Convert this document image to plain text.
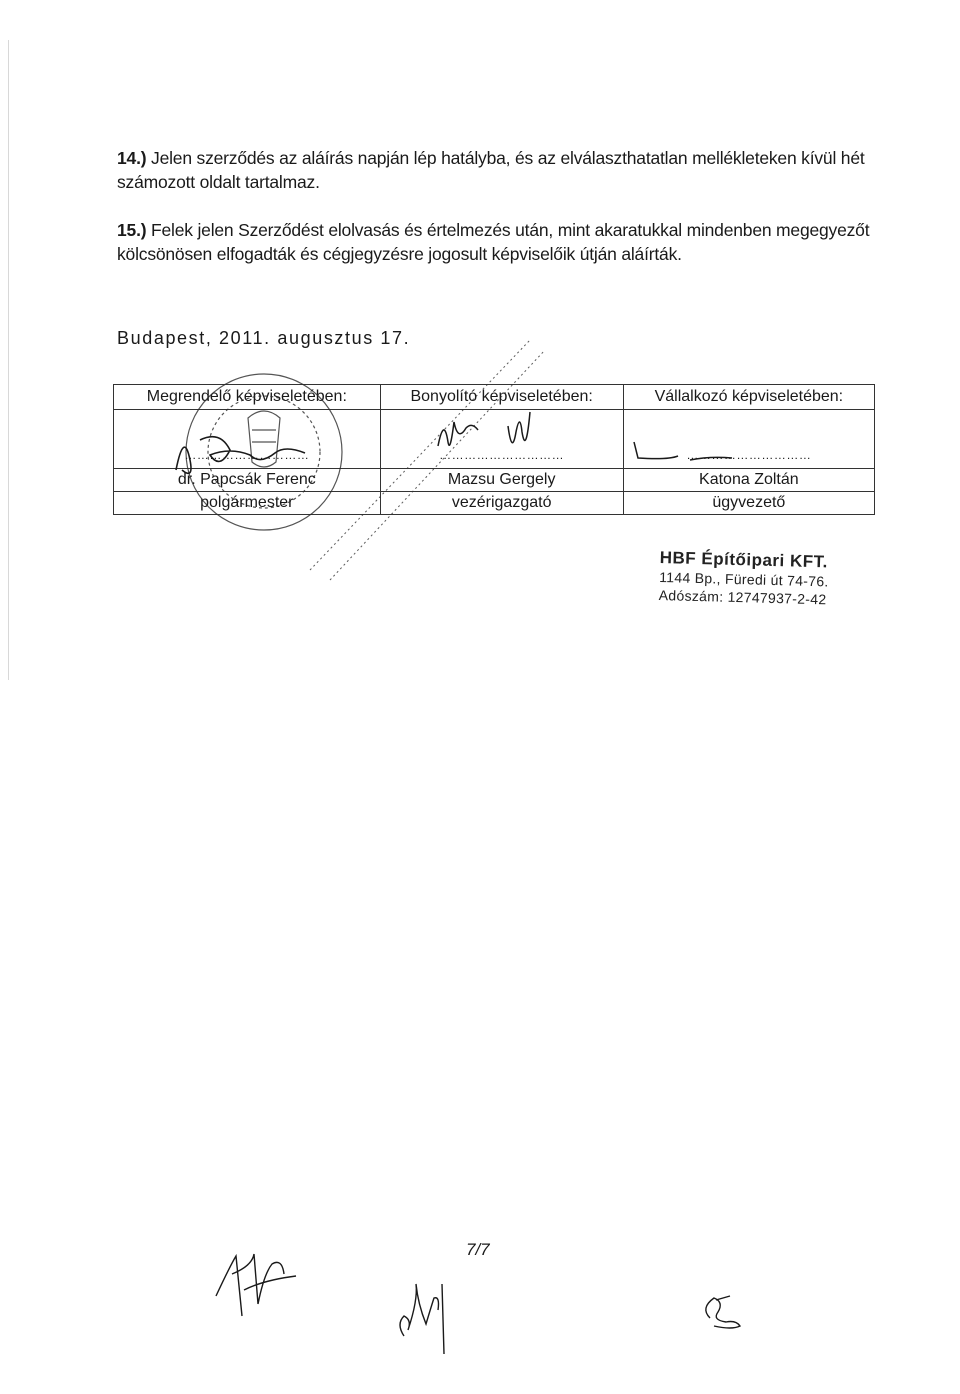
14.) Jelen szerződés az aláírás napján lép hatályba, és az elválaszthatatlan mellékleteken kívül hét számozott oldalt tartalmaz.
15.) Felek jelen Szerződést elolvasás és értelmezés után, mint akaratukkal mindenben megegyezőt kölcsönösen elfogadták és cégjegyzésre jogosult képviselőik útján aláírták.
Budapest, 2011. augusztus 17.
Megrendelő képviseletében:	Bonyolító képviseletében:	Vállalkozó képviseletében:

…………………………	…………………………	…………………………

dr. Papcsák Ferenc	Mazsu Gergely	Katona Zoltán
polgármester	vezérigazgató	ügyvezető
HBF Építőipari KFT.
1144 Bp., Füredi út 74-76.
Adószám: 12747937-2-42
7/7
